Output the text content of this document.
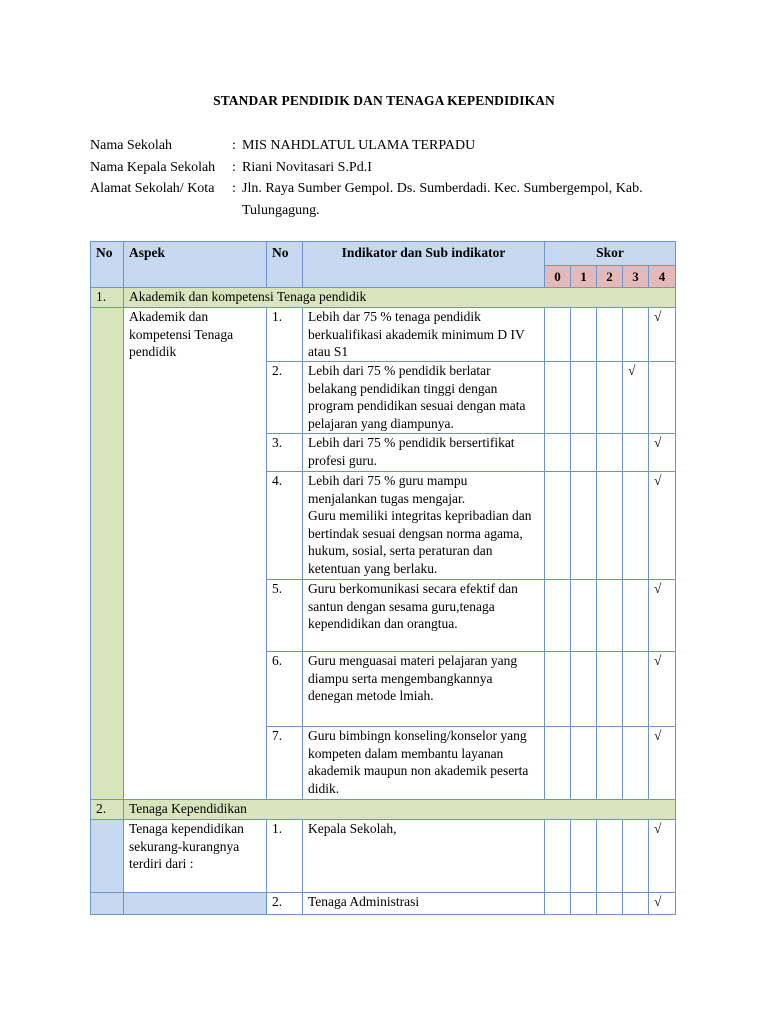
STANDAR PENDIDIK DAN TENAGA KEPENDIDIKAN
Nama Sekolah	: MIS NAHDLATUL ULAMA TERPADU
Nama Kepala Sekolah	: Riani Novitasari S.Pd.I
Alamat Sekolah/ Kota	: Jln. Raya Sumber Gempol. Ds. Sumberdadi. Kec. Sumbergempol, Kab. Tulungagung.
No	Aspek	No	Indikator dan Sub indikator	Skor				
				0	1	2	3	4
1.	Akademik dan kompetensi Tenaga pendidik							
	Akademik dan kompetensi Tenaga pendidik	1.	Lebih dar 75 % tenaga pendidik berkualifikasi akademik minimum D IV atau S1					√
		2.	Lebih dari 75 % pendidik berlatar belakang pendidikan tinggi dengan program pendidikan sesuai dengan mata pelajaran yang diampunya.				√	
		3.	Lebih dari 75 % pendidik bersertifikat profesi guru.					√
		4.	Lebih dari 75 % guru mampu menjalankan tugas mengajar.
Guru memiliki integritas kepribadian dan bertindak sesuai dengsan norma agama, hukum, sosial, serta peraturan dan ketentuan yang berlaku.					√
		5.	Guru berkomunikasi secara efektif dan santun dengan sesama guru,tenaga kependidikan dan orangtua.					√
		6.	Guru menguasai materi pelajaran yang diampu serta mengembangkannya denegan metode lmiah.					√
		7.	Guru bimbingn konseling/konselor yang kompeten dalam membantu layanan akademik maupun non akademik peserta didik.					√
2.	Tenaga Kependidikan							
	Tenaga kependidikan sekurang-kurangnya terdiri dari :	1.	Kepala Sekolah,					√
		2.	Tenaga Administrasi					√
